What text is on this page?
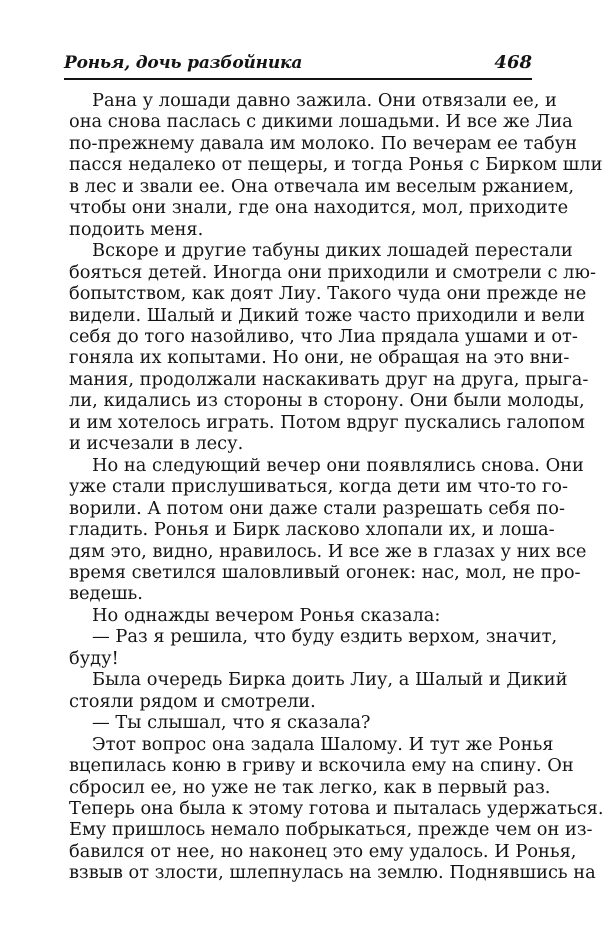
Ронья, дочь разбойника	468
Рана у лошади давно зажила. Они отвязали ее, и
она снова паслась с дикими лошадьми. И все же Лиа
по-прежнему давала им молоко. По вечерам ее табун
пасся недалеко от пещеры, и тогда Ронья с Бирком шли
в лес и звали ее. Она отвечала им веселым ржанием,
чтобы они знали, где она находится, мол, приходите
подоить меня.
Вскоре и другие табуны диких лошадей перестали
бояться детей. Иногда они приходили и смотрели с лю-
бопытством, как доят Лиу. Такого чуда они прежде не
видели. Шалый и Дикий тоже часто приходили и вели
себя до того назойливо, что Лиа прядала ушами и от-
гоняла их копытами. Но они, не обращая на это вни-
мания, продолжали наскакивать друг на друга, прыга-
ли, кидались из стороны в сторону. Они были молоды,
и им хотелось играть. Потом вдруг пускались галопом
и исчезали в лесу.
Но на следующий вечер они появлялись снова. Они
уже стали прислушиваться, когда дети им что-то го-
ворили. А потом они даже стали разрешать себя по-
гладить. Ронья и Бирк ласково хлопали их, и лоша-
дям это, видно, нравилось. И все же в глазах у них все
время светился шаловливый огонек: нас, мол, не про-
ведешь.
Но однажды вечером Ронья сказала:
— Раз я решила, что буду ездить верхом, значит,
буду!
Была очередь Бирка доить Лиу, а Шалый и Дикий
стояли рядом и смотрели.
— Ты слышал, что я сказала?
Этот вопрос она задала Шалому. И тут же Ронья
вцепилась коню в гриву и вскочила ему на спину. Он
сбросил ее, но уже не так легко, как в первый раз.
Теперь она была к этому готова и пыталась удержаться.
Ему пришлось немало побрыкаться, прежде чем он из-
бавился от нее, но наконец это ему удалось. И Ронья,
взвыв от злости, шлепнулась на землю. Поднявшись на
